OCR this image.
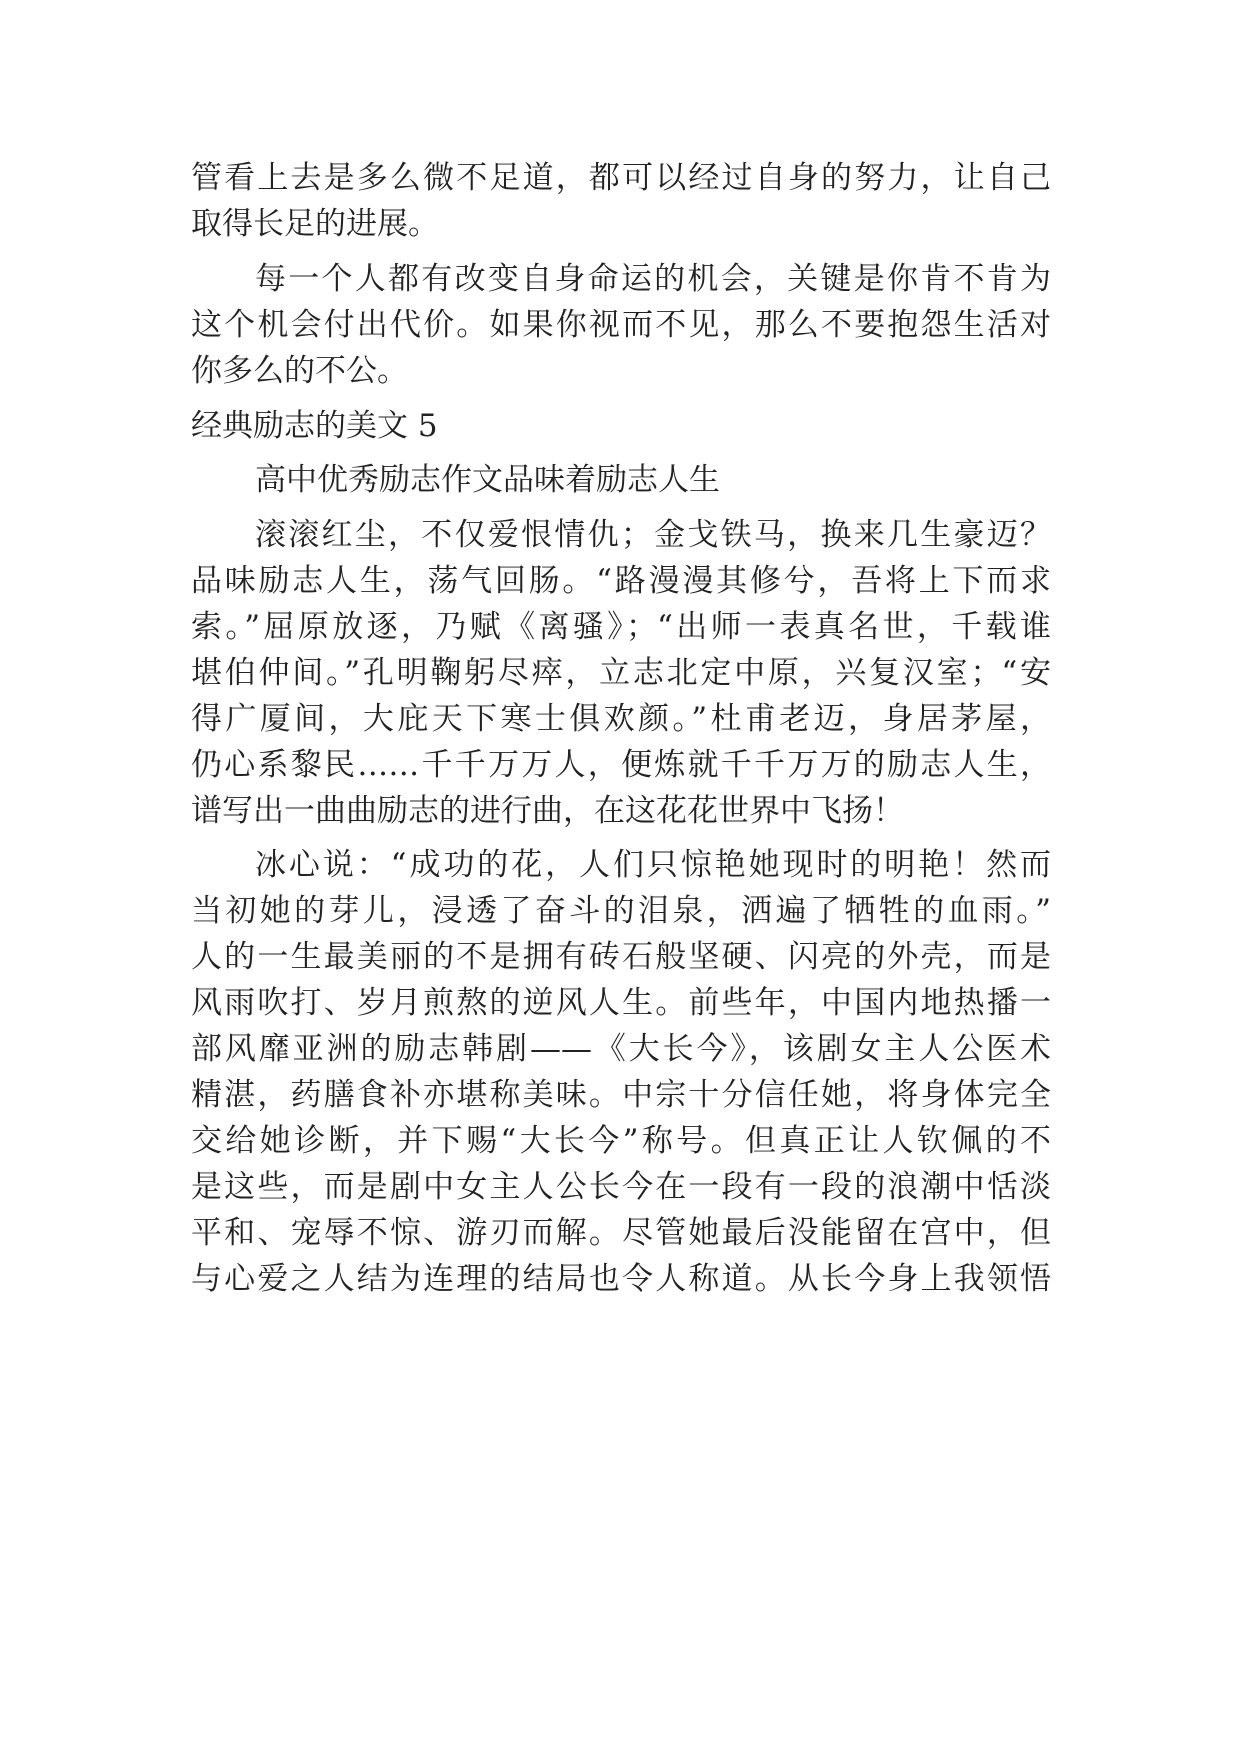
管看上去是多么微不足道，都可以经过自身的努力，让自己
取得长足的进展。
每一个人都有改变自身命运的机会，关键是你肯不肯为
这个机会付出代价。如果你视而不见，那么不要抱怨生活对
你多么的不公。
经典励志的美文 5
高中优秀励志作文品味着励志人生
滚滚红尘，不仅爱恨情仇；金戈铁马，换来几生豪迈？
品味励志人生，荡气回肠。“路漫漫其修兮，吾将上下而求
索。”屈原放逐，乃赋《离骚》；“出师一表真名世，千载谁
堪伯仲间。”孔明鞠躬尽瘁，立志北定中原，兴复汉室；“安
得广厦间，大庇天下寒士俱欢颜。”杜甫老迈，身居茅屋，
仍心系黎民……千千万万人，便炼就千千万万的励志人生，
谱写出一曲曲励志的进行曲，在这花花世界中飞扬！
冰心说：“成功的花，人们只惊艳她现时的明艳！然而
当初她的芽儿，浸透了奋斗的泪泉，洒遍了牺牲的血雨。”
人的一生最美丽的不是拥有砖石般坚硬、闪亮的外壳，而是
风雨吹打、岁月煎熬的逆风人生。前些年，中国内地热播一
部风靡亚洲的励志韩剧——《大长今》，该剧女主人公医术
精湛，药膳食补亦堪称美味。中宗十分信任她，将身体完全
交给她诊断，并下赐“大长今”称号。但真正让人钦佩的不
是这些，而是剧中女主人公长今在一段有一段的浪潮中恬淡
平和、宠辱不惊、游刃而解。尽管她最后没能留在宫中，但
与心爱之人结为连理的结局也令人称道。从长今身上我领悟
